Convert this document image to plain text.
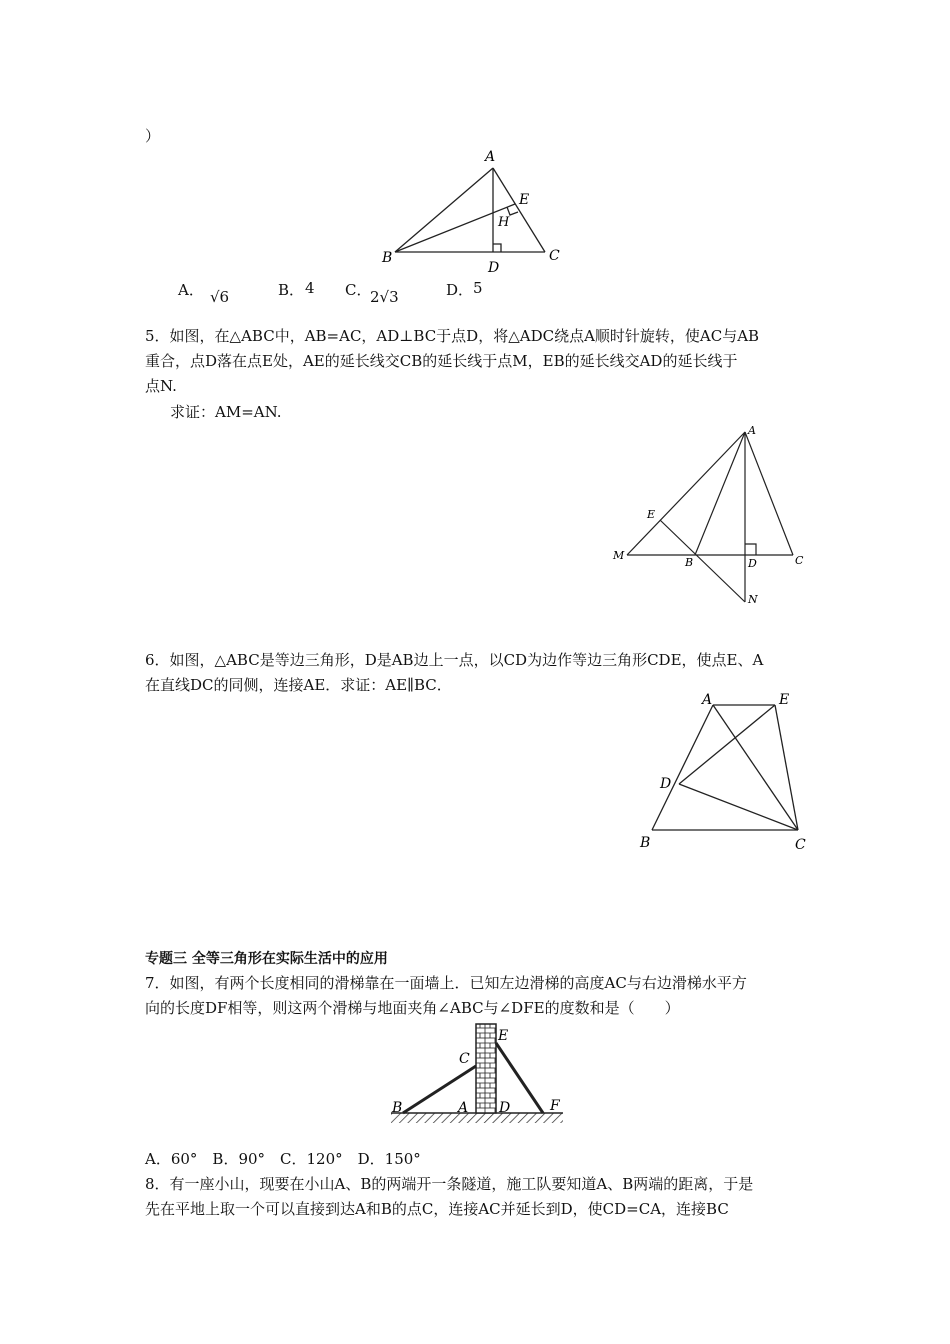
）
A
E
H
B	C
D
A． √6	B． 4 C．
2√3	D． 5
5．如图，在△ABC中，AB=AC，AD⊥BC于点D，将△ADC绕点A顺时针旋转，使AC与AB
重合，点D落在点E处，AE的延长线交CB的延长线于点M，EB的延长线交AD的延长线于
点N.
求证：AM=AN.
A
E
M
B	D	C
N
6．如图，△ABC是等边三角形，D是AB边上一点，以CD为边作等边三角形CDE，使点E、A
在直线DC的同侧，连接AE．求证：AE∥BC．
A	E
D
B	C
专题三 全等三角形在实际生活中的应用
7．如图，有两个长度相同的滑梯靠在一面墙上．已知左边滑梯的高度AC与右边滑梯水平方
向的长度DF相等，则这两个滑梯与地面夹角∠ABC与∠DFE的度数和是（　　）
B	A
C
D
E
F
A．60°　B．90°　C．120°　D．150°
8．有一座小山，现要在小山A、B的两端开一条隧道，施工队要知道A、B两端的距离，于是
先在平地上取一个可以直接到达A和B的点C，连接AC并延长到D，使CD=CA，连接BC
